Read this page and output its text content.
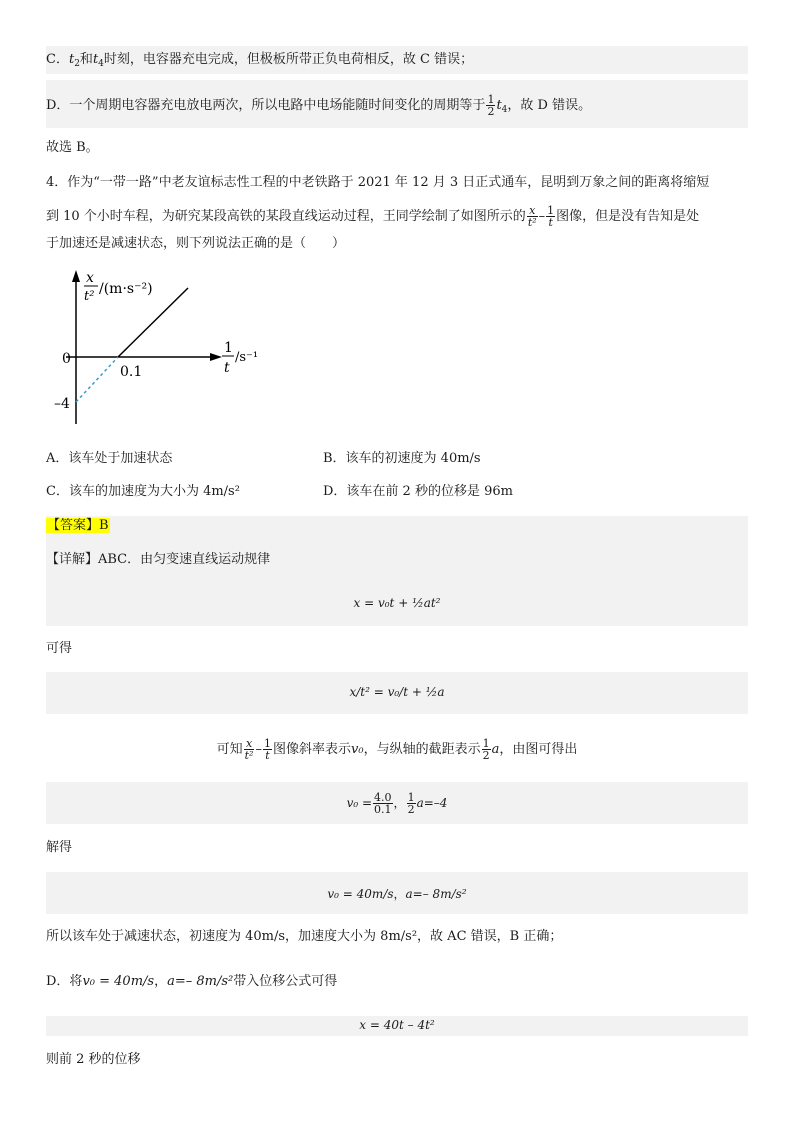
C．$t_2$和$t_4$时刻，电容器充电完成，但极板所带正负电荷相反，故 C 错误；
D．一个周期电容器充电放电两次，所以电路中电场能随时间变化的周期等于 $\frac{1}{2} t_4$，故 D 错误。
故选 B。
4．作为“一带一路”中老友谊标志性工程的中老铁路于 2021 年 12 月 3 日正式通车，昆明到万象之间的距离将缩短
到 10 个小时车程，为研究某段高铁的某段直线运动过程，王同学绘制了如图所示的 $\frac{x}{\text{t²}} - \frac{1}{t}$ 图像，但是没有告知是处
于加速还是减速状态，则下列说法正确的是（　　）
x
t² /(m·s⁻²)
1
t
/s⁻¹
0
0.1
–4
A．该车处于加速状态	B．该车的初速度为 40m/s
C．该车的加速度为大小为 4m/s²	D．该车在前 2 秒的位移是 96m
【答案】B
【详解】ABC．由匀变速直线运动规律
x = v₀t + ½at²
可得
x/t² = v₀/t + ½a
可知 $\frac{x}{\text{t²}} - \frac{1}{t}$ 图像斜率表示v₀，与纵轴的截距表示 $\frac{1}{2}$ a，由图可得出
$v_0 = \frac{4.0}{0.1}$ ， $\frac{1}{2} a=-4$
解得
v₀ = 40m/s，a=– 8m/s²
所以该车处于减速状态，初速度为 40m/s，加速度大小为 8m/s²，故 AC 错误，B 正确；
D．将v₀ = 40m/s，a=– 8m/s²带入位移公式可得
x = 40t – 4t²
则前 2 秒的位移
